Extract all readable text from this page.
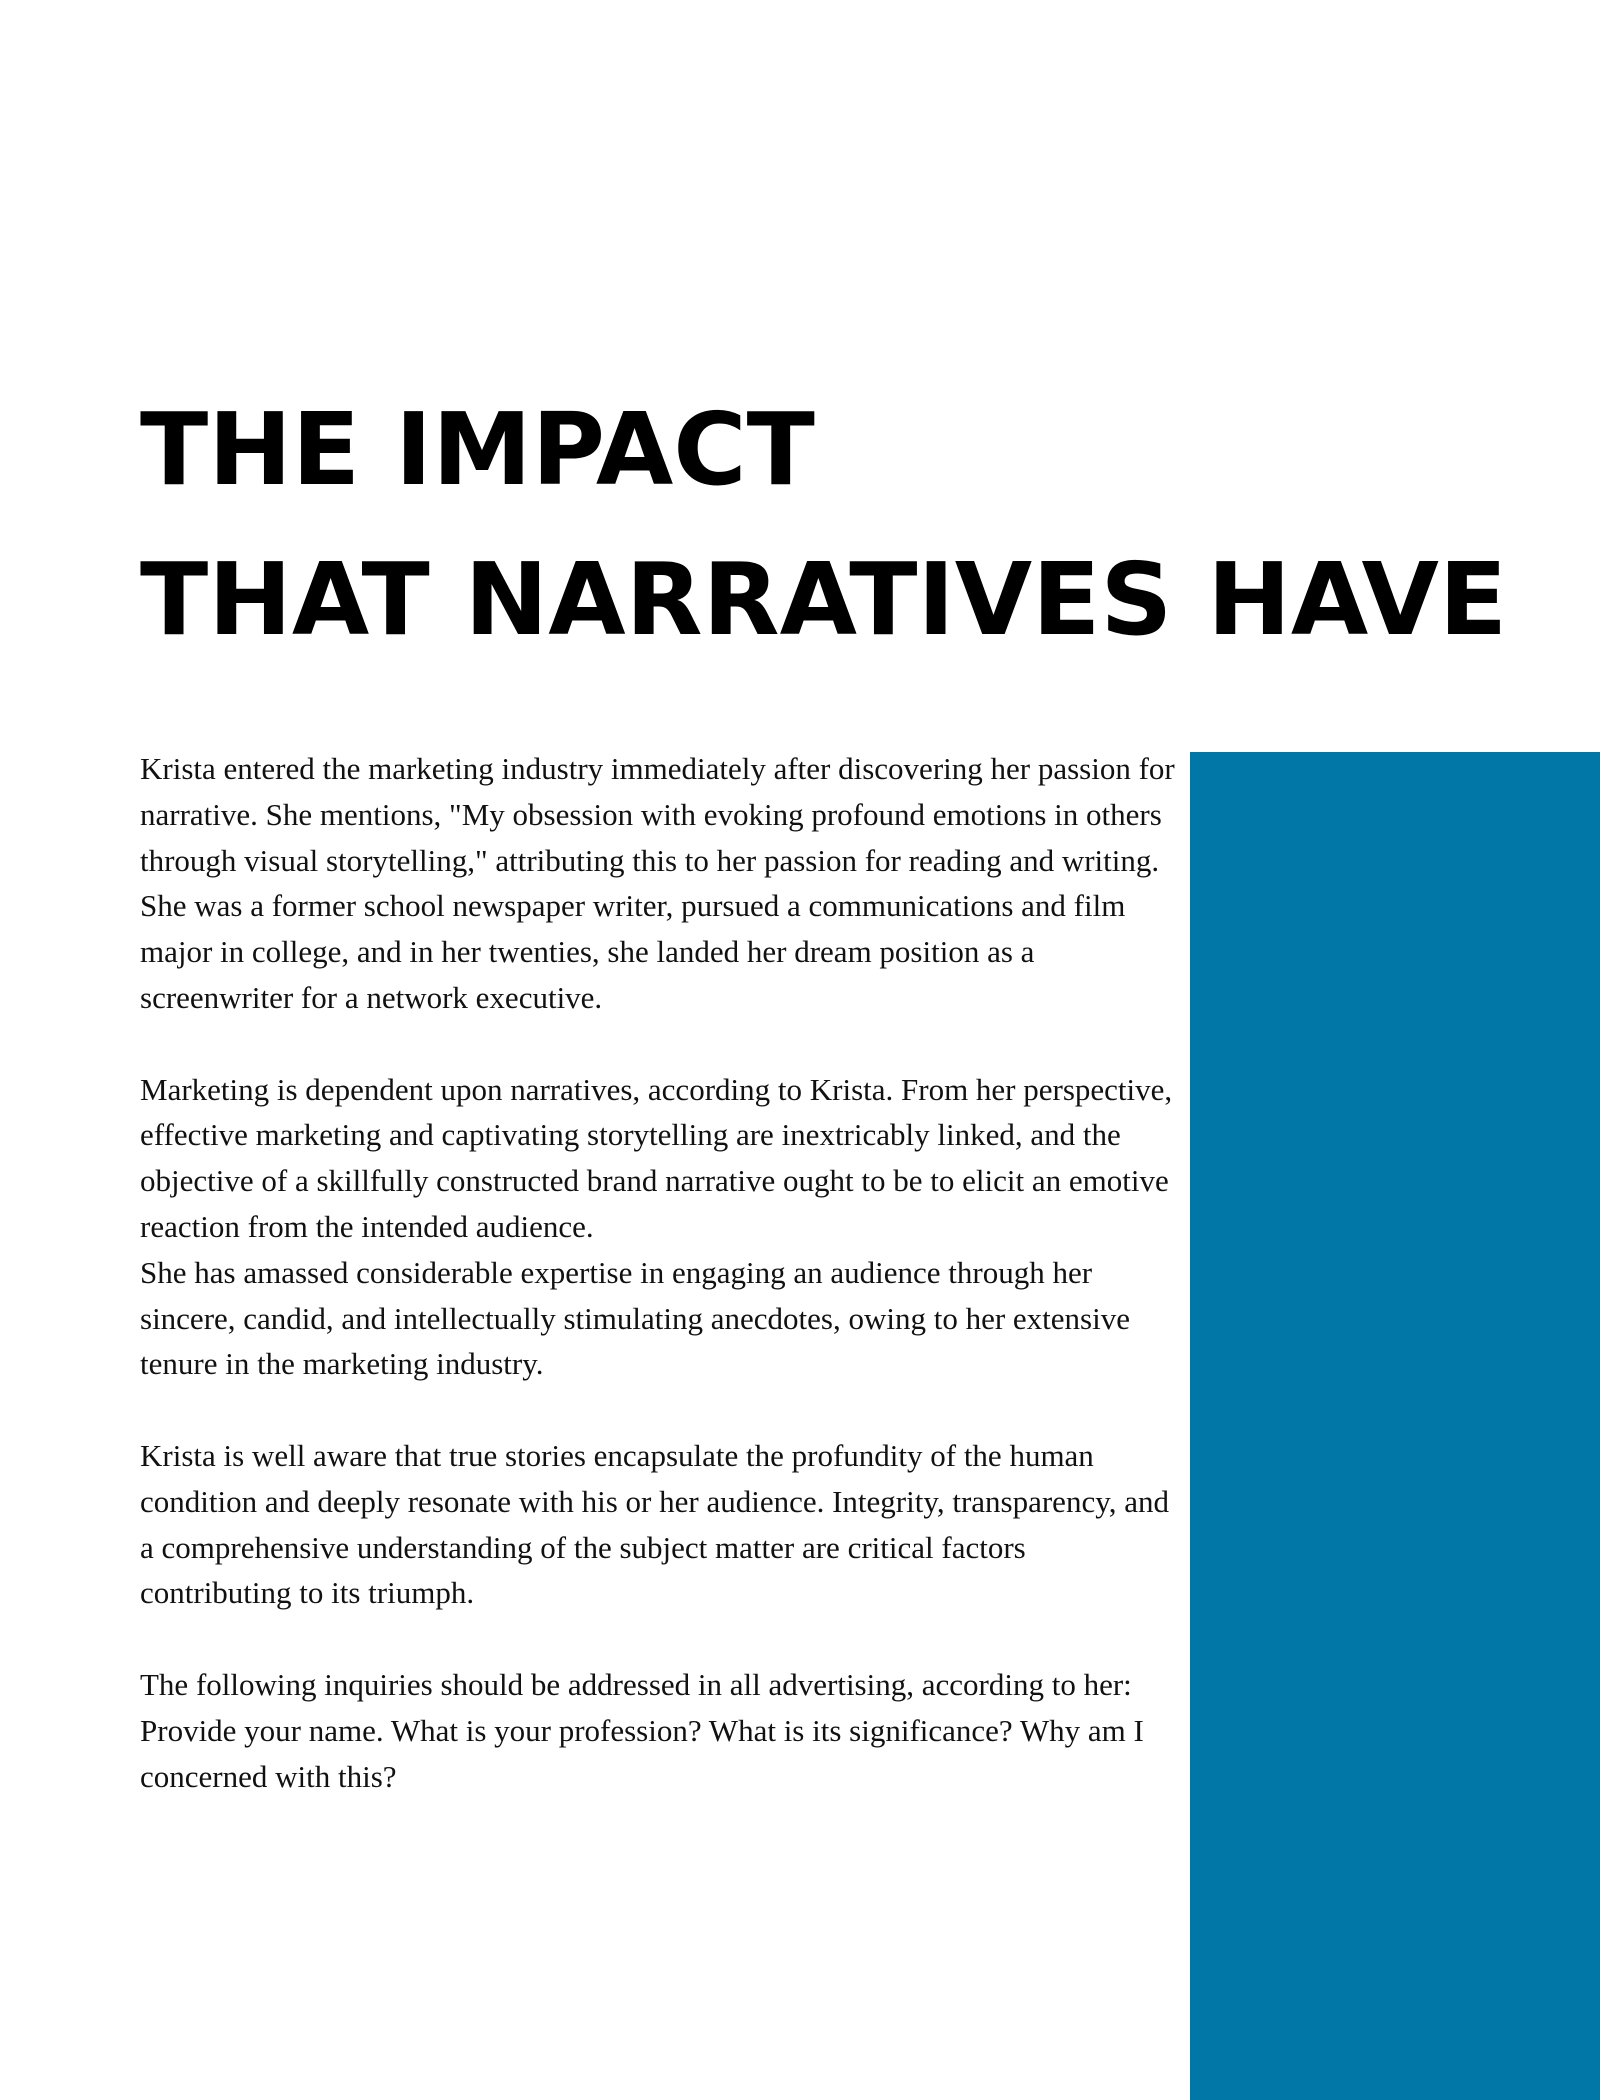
THE IMPACT
THAT NARRATIVES HAVE

Krista entered the marketing industry immediately after discovering her passion for narrative. She mentions, "My obsession with evoking profound emotions in others through visual storytelling," attributing this to her passion for reading and writing.

She was a former school newspaper writer, pursued a communications and film major in college, and in her twenties, she landed her dream position as a screenwriter for a network executive.

Marketing is dependent upon narratives, according to Krista. From her perspective, effective marketing and captivating storytelling are inextricably linked, and the objective of a skillfully constructed brand narrative ought to be to elicit an emotive reaction from the intended audience.

She has amassed considerable expertise in engaging an audience through her sincere, candid, and intellectually stimulating anecdotes, owing to her extensive tenure in the marketing industry.

Krista is well aware that true stories encapsulate the profundity of the human condition and deeply resonate with his or her audience. Integrity, transparency, and a comprehensive understanding of the subject matter are critical factors contributing to its triumph.

The following inquiries should be addressed in all advertising, according to her: Provide your name. What is your profession? What is its significance? Why am I concerned with this?
